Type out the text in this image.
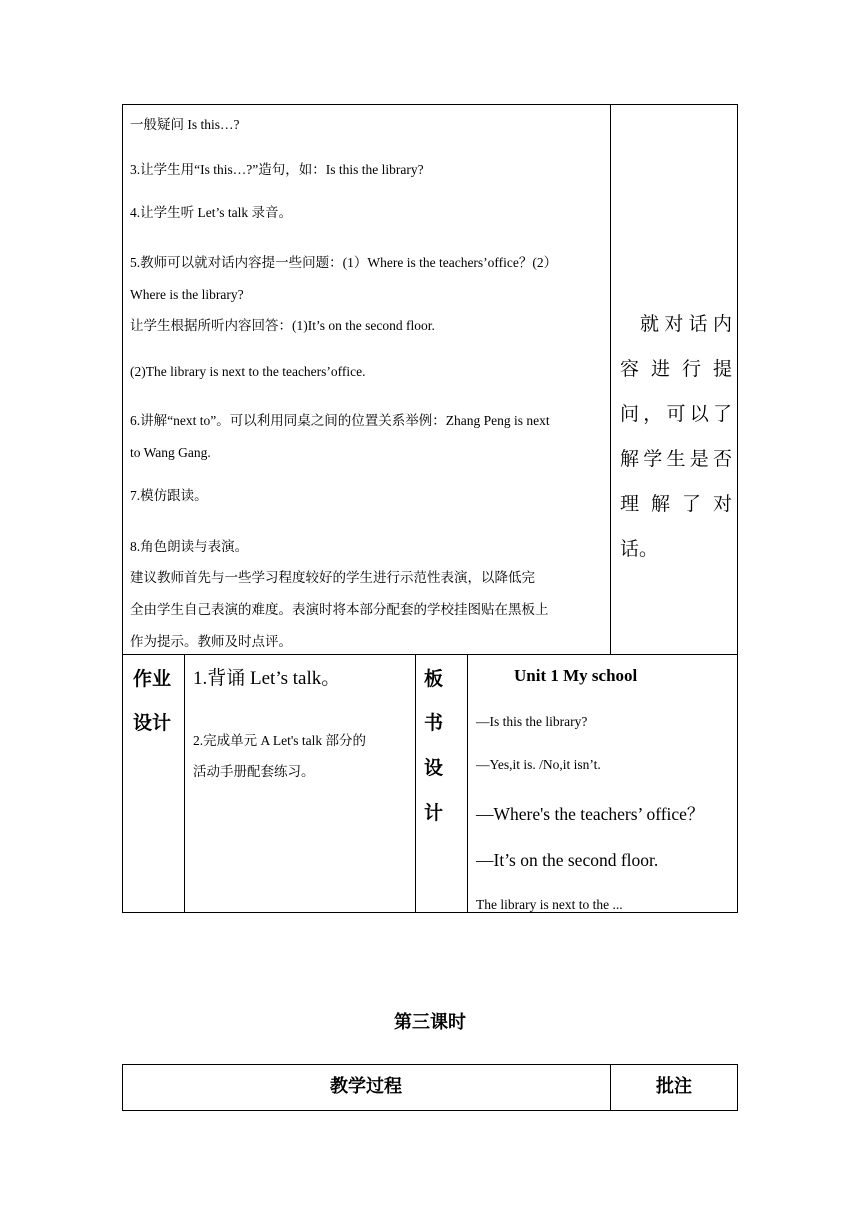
一般疑问 Is this…?
3.让学生用“Is this…?”造句，如：Is this the library?
4.让学生听 Let’s talk 录音。
5.教师可以就对话内容提一些问题：(1）Where is the teachers’office？(2）
Where is the library?
让学生根据所听内容回答：(1)It’s on the second floor.
(2)The library is next to the teachers’office.
6.讲解“next to”。可以利用同桌之间的位置关系举例：Zhang Peng is next
to Wang Gang.
7.模仿跟读。
8.角色朗读与表演。
建议教师首先与一些学习程度较好的学生进行示范性表演，以降低完
全由学生自己表演的难度。表演时将本部分配套的学校挂图贴在黑板上
作为提示。教师及时点评。
就对话内
容进行提
问，可以了
解学生是否
理解了对
话。
作业
设计
1.背诵 Let’s talk。
2.完成单元 A Let's talk 部分的
活动手册配套练习。
板
书
设
计
Unit 1 My school
—Is this the library?
—Yes,it is. /No,it isn’t.
—Where's the teachers’ office？
—It’s on the second floor.
The library is next to the ...
第三课时
教学过程	批注
